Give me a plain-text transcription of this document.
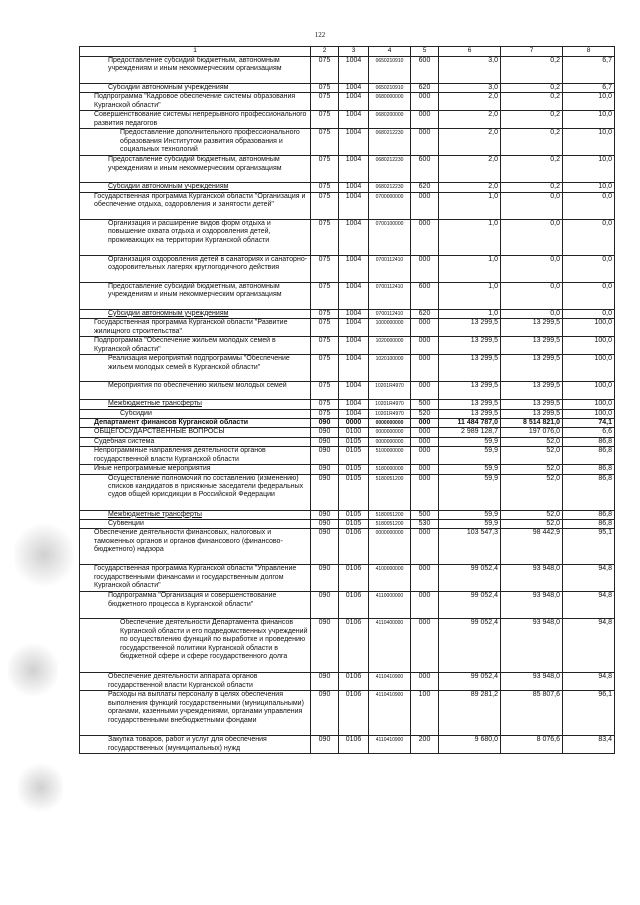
122
1	2	3	4	5	6	7	8
Предоставление субсидий бюджетным, автономным учреждениям и иным некоммерческим организациям	075	1004	0650210910	600	3,0	0,2	6,7
Субсидии автономным учреждениям	075	1004	0650210910	620	3,0	0,2	6,7
Подпрограмма "Кадровое обеспечение системы образования Курганской области"	075	1004	0680000000	000	2,0	0,2	10,0
Совершенствование системы непрерывного профессионального развития педагогов	075	1004	0680200000	000	2,0	0,2	10,0
Предоставление дополнительного профессионального образования Институтом развития образования и социальных технологий	075	1004	0680212230	000	2,0	0,2	10,0
Предоставление субсидий бюджетным, автономным учреждениям и иным некоммерческим организациям	075	1004	0680212230	600	2,0	0,2	10,0
Субсидии автономным учреждениям	075	1004	0680212230	620	2,0	0,2	10,0
Государственная программа Курганской области "Организация и обеспечение отдыха, оздоровления и занятости детей"	075	1004	0700000000	000	1,0	0,0	0,0
Организация и расширение видов форм отдыха и повышение охвата отдыха и оздоровления детей, проживающих на территории Курганской области	075	1004	0700100000	000	1,0	0,0	0,0
Организация оздоровления детей в санаториях и санаторно-оздоровительных лагерях круглогодичного действия	075	1004	0700112410	000	1,0	0,0	0,0
Предоставление субсидий бюджетным, автономным учреждениям и иным некоммерческим организациям	075	1004	0700112410	600	1,0	0,0	0,0
Субсидии автономным учреждениям	075	1004	0700112410	620	1,0	0,0	0,0
Государственная программа Курганской области "Развитие жилищного строительства"	075	1004	1000000000	000	13 299,5	13 299,5	100,0
Подпрограмма "Обеспечение жильем молодых семей в Курганской области"	075	1004	1020000000	000	13 299,5	13 299,5	100,0
Реализация мероприятий подпрограммы "Обеспечение жильем молодых семей в Курганской области"	075	1004	1020100000	000	13 299,5	13 299,5	100,0
Мероприятия по обеспечению жильем молодых семей	075	1004	10201R4970	000	13 299,5	13 299,5	100,0
Межбюджетные трансферты	075	1004	10201R4970	500	13 299,5	13 299,5	100,0
Субсидии	075	1004	10201R4970	520	13 299,5	13 299,5	100,0
Департамент финансов Курганской области	090	0000	0000000000	000	11 484 787,0	8 514 821,0	74,1
ОБЩЕГОСУДАРСТВЕННЫЕ ВОПРОСЫ	090	0100	0000000000	000	2 989 128,7	197 076,0	6,6
Судебная система	090	0105	0000000000	000	59,9	52,0	86,8
Непрограммные направления деятельности органов государственной власти Курганской области	090	0105	5100000000	000	59,9	52,0	86,8
Иные непрограммные мероприятия	090	0105	5180000000	000	59,9	52,0	86,8
Осуществление полномочий по составлению (изменению) списков кандидатов в присяжные заседатели федеральных судов общей юрисдикции в Российской Федерации	090	0105	5180051200	000	59,9	52,0	86,8
Межбюджетные трансферты	090	0105	5180051200	500	59,9	52,0	86,8
Субвенции	090	0105	5180051200	530	59,9	52,0	86,8
Обеспечение деятельности финансовых, налоговых и таможенных органов и органов финансового (финансово-бюджетного) надзора	090	0106	0000000000	000	103 547,3	98 442,9	95,1
Государственная программа Курганской области "Управление государственными финансами и государственным долгом Курганской области"	090	0106	4100000000	000	99 052,4	93 948,0	94,8
Подпрограмма "Организация и совершенствование бюджетного процесса в Курганской области"	090	0106	4110000000	000	99 052,4	93 948,0	94,8
Обеспечение деятельности Департамента финансов Курганской области и его подведомственных учреждений по осуществлению функций по выработке и проведению государственной политики Курганской области в бюджетной сфере и сфере государственного долга	090	0106	4110400000	000	99 052,4	93 948,0	94,8
Обеспечение деятельности аппарата органов государственной власти Курганской области	090	0106	4110410900	000	99 052,4	93 948,0	94,8
Расходы на выплаты персоналу в целях обеспечения выполнения функций государственными (муниципальными) органами, казенными учреждениями, органами управления государственными внебюджетными фондами	090	0106	4110410900	100	89 281,2	85 807,6	96,1
Закупка товаров, работ и услуг для обеспечения государственных (муниципальных) нужд	090	0106	4110410900	200	9 680,0	8 076,6	83,4
